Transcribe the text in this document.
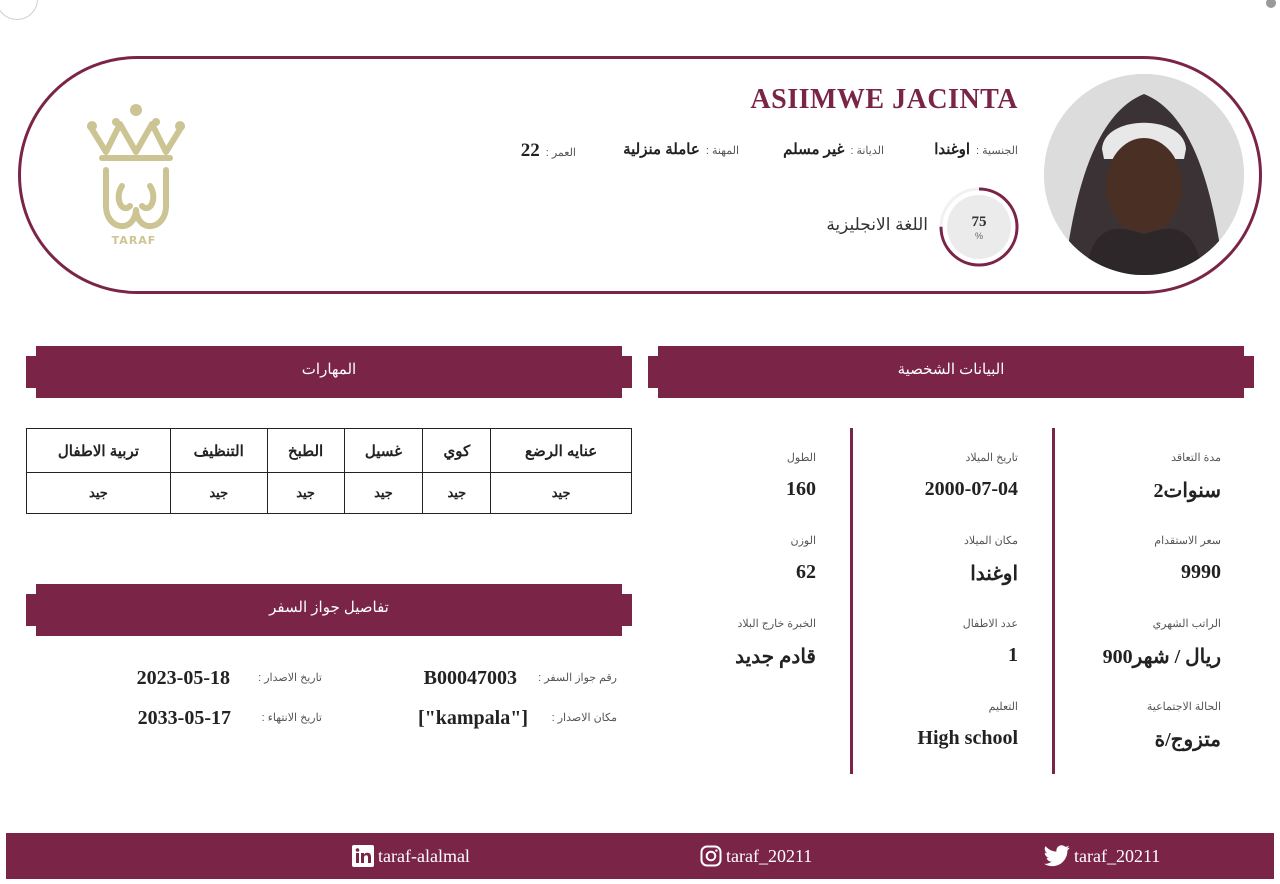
TARAF
ASIIMWE JACINTA
الجنسية :
اوغندا
الديانة :
غير مسلم
المهنة :
عاملة منزلية
العمر :
22
75
%
اللغة الانجليزية
المهارات	البيانات الشخصية
تفاصيل جواز السفر
عنايه الرضع	كوي	غسيل	الطبخ	التنظيف	تربية الاطفال
جيد	جيد	جيد	جيد	جيد	جيد
رقم جواز السفر :
B00047003
مكان الاصدار :
["kampala"]
تاريخ الاصدار :
2023-05-18
تاريخ الانتهاء :
2033-05-17
مدة التعاقد
2سنوات
سعر الاستقدام
9990
الراتب الشهري
900ريال / شهر
الحالة الاجتماعية
متزوج/ة
تاريخ الميلاد
2000-07-04
مكان الميلاد
اوغندا
عدد الاطفال
1
التعليم
High school
الطول
160
الوزن
62
الخبرة خارج البلاد
قادم جديد
taraf-alalmal	taraf_20211	taraf_20211
